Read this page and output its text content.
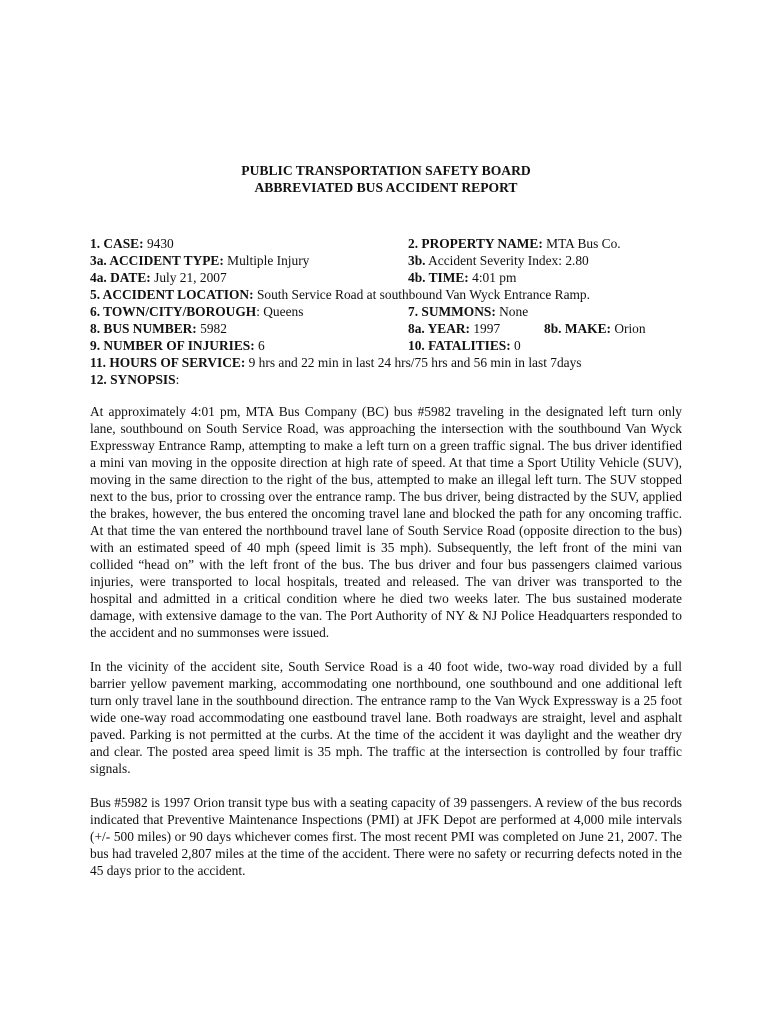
PUBLIC TRANSPORTATION SAFETY BOARD
ABBREVIATED BUS ACCIDENT REPORT
1. CASE: 9430	2. PROPERTY NAME: MTA Bus Co.
3a. ACCIDENT TYPE: Multiple Injury	3b. Accident Severity Index: 2.80
4a. DATE: July 21, 2007	4b. TIME: 4:01 pm
5. ACCIDENT LOCATION: South Service Road at southbound Van Wyck Entrance Ramp.
6. TOWN/CITY/BOROUGH: Queens	7. SUMMONS: None
8. BUS NUMBER: 5982	8a. YEAR: 1997	8b. MAKE: Orion
9. NUMBER OF INJURIES: 6	10. FATALITIES: 0
11. HOURS OF SERVICE: 9 hrs and 22 min in last 24 hrs/75 hrs and 56 min in last 7days
12. SYNOPSIS:

At approximately 4:01 pm, MTA Bus Company (BC) bus #5982 traveling in the designated left turn only lane, southbound on South Service Road, was approaching the intersection with the southbound Van Wyck Expressway Entrance Ramp, attempting to make a left turn on a green traffic signal. The bus driver identified a mini van moving in the opposite direction at high rate of speed. At that time a Sport Utility Vehicle (SUV), moving in the same direction to the right of the bus, attempted to make an illegal left turn. The SUV stopped next to the bus, prior to crossing over the entrance ramp. The bus driver, being distracted by the SUV, applied the brakes, however, the bus entered the oncoming travel lane and blocked the path for any oncoming traffic. At that time the van entered the northbound travel lane of South Service Road (opposite direction to the bus) with an estimated speed of 40 mph (speed limit is 35 mph). Subsequently, the left front of the mini van collided “head on” with the left front of the bus. The bus driver and four bus passengers claimed various injuries, were transported to local hospitals, treated and released. The van driver was transported to the hospital and admitted in a critical condition where he died two weeks later. The bus sustained moderate damage, with extensive damage to the van. The Port Authority of NY & NJ Police Headquarters responded to the accident and no summonses were issued.

In the vicinity of the accident site, South Service Road is a 40 foot wide, two-way road divided by a full barrier yellow pavement marking, accommodating one northbound, one southbound and one additional left turn only travel lane in the southbound direction. The entrance ramp to the Van Wyck Expressway is a 25 foot wide one-way road accommodating one eastbound travel lane. Both roadways are straight, level and asphalt paved. Parking is not permitted at the curbs. At the time of the accident it was daylight and the weather dry and clear. The posted area speed limit is 35 mph. The traffic at the intersection is controlled by four traffic signals.

Bus #5982 is 1997 Orion transit type bus with a seating capacity of 39 passengers. A review of the bus records indicated that Preventive Maintenance Inspections (PMI) at JFK Depot are performed at 4,000 mile intervals (+/- 500 miles) or 90 days whichever comes first. The most recent PMI was completed on June 21, 2007. The bus had traveled 2,807 miles at the time of the accident. There were no safety or recurring defects noted in the 45 days prior to the accident.
